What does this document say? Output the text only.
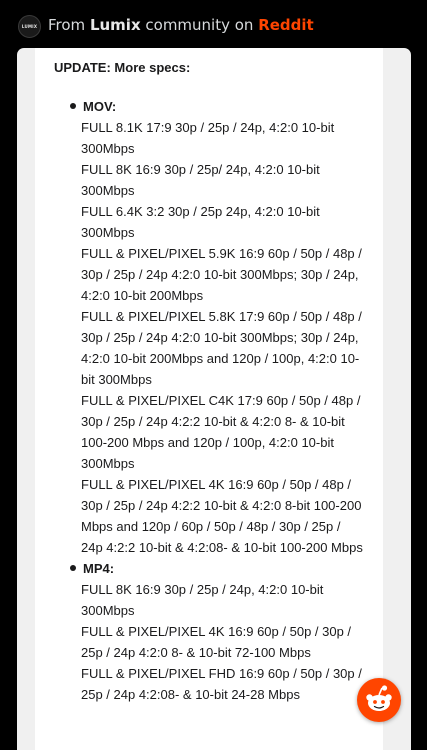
LUMIX From Lumix community on Reddit
UPDATE: More specs:
MOV:
FULL 8.1K 17:9 30p / 25p / 24p, 4:2:0 10-bit
300Mbps
FULL 8K 16:9 30p / 25p/ 24p, 4:2:0 10-bit
300Mbps
FULL 6.4K 3:2 30p / 25p 24p, 4:2:0 10-bit
300Mbps
FULL & PIXEL/PIXEL 5.9K 16:9 60p / 50p / 48p /
30p / 25p / 24p 4:2:0 10-bit 300Mbps; 30p / 24p,
4:2:0 10-bit 200Mbps
FULL & PIXEL/PIXEL 5.8K 17:9 60p / 50p / 48p /
30p / 25p / 24p 4:2:0 10-bit 300Mbps; 30p / 24p,
4:2:0 10-bit 200Mbps and 120p / 100p, 4:2:0 10-
bit 300Mbps
FULL & PIXEL/PIXEL C4K 17:9 60p / 50p / 48p /
30p / 25p / 24p 4:2:2 10-bit & 4:2:0 8- & 10-bit
100-200 Mbps and 120p / 100p, 4:2:0 10-bit
300Mbps
FULL & PIXEL/PIXEL 4K 16:9 60p / 50p / 48p /
30p / 25p / 24p 4:2:2 10-bit & 4:2:0 8-bit 100-200
Mbps and 120p / 60p / 50p / 48p / 30p / 25p /
24p 4:2:2 10-bit & 4:2:08- & 10-bit 100-200 Mbps
MP4:
FULL 8K 16:9 30p / 25p / 24p, 4:2:0 10-bit
300Mbps
FULL & PIXEL/PIXEL 4K 16:9 60p / 50p / 30p /
25p / 24p 4:2:0 8- & 10-bit 72-100 Mbps
FULL & PIXEL/PIXEL FHD 16:9 60p / 50p / 30p /
25p / 24p 4:2:08- & 10-bit 24-28 Mbps
